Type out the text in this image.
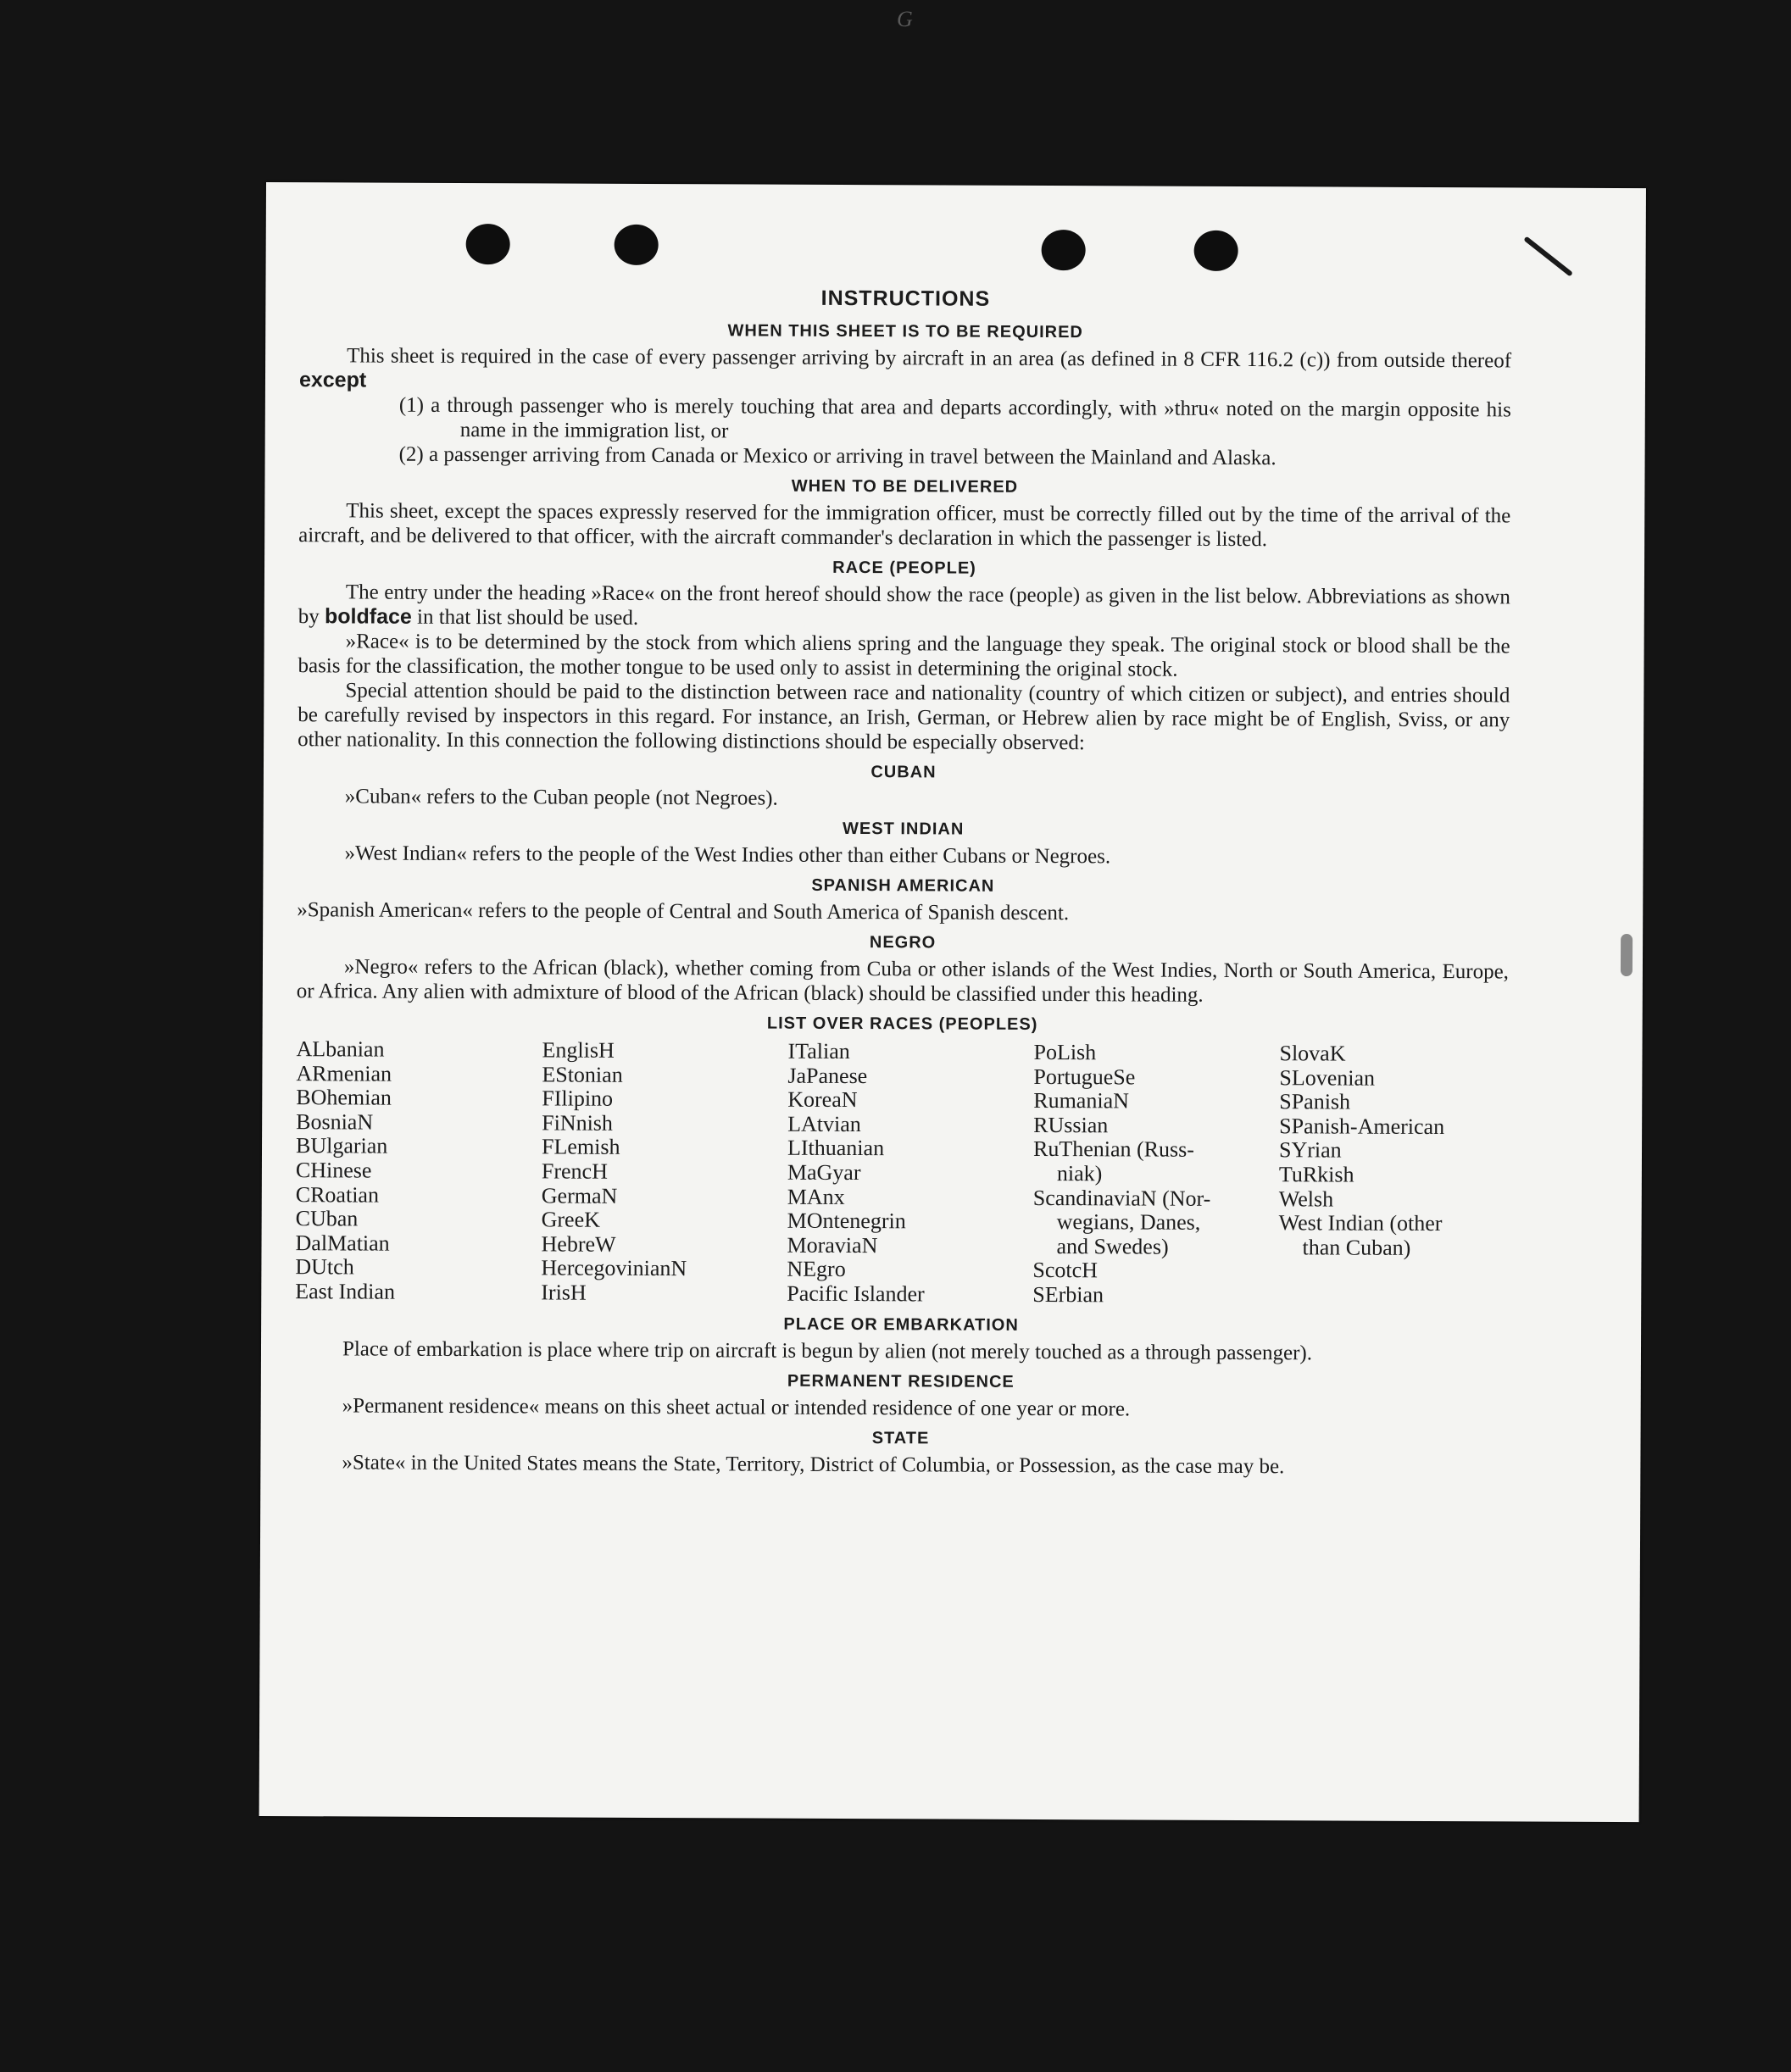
G
INSTRUCTIONS
WHEN THIS SHEET IS TO BE REQUIRED

This sheet is required in the case of every passenger arriving by aircraft in an area (as defined in 8 CFR 116.2 (c)) from outside thereof except

(1) a through passenger who is merely touching that area and departs accordingly, with »thru« noted on the margin opposite his name in the immigration list, or

(2) a passenger arriving from Canada or Mexico or arriving in travel between the Mainland and Alaska.

WHEN TO BE DELIVERED

This sheet, except the spaces expressly reserved for the immigration officer, must be correctly filled out by the time of the arrival of the aircraft, and be delivered to that officer, with the aircraft commander's declaration in which the passenger is listed.

RACE (PEOPLE)

The entry under the heading »Race« on the front hereof should show the race (people) as given in the list below. Abbreviations as shown by boldface in that list should be used.

»Race« is to be determined by the stock from which aliens spring and the language they speak. The original stock or blood shall be the basis for the classification, the mother tongue to be used only to assist in determining the original stock.

Special attention should be paid to the distinction between race and nationality (country of which citizen or subject), and entries should be carefully revised by inspectors in this regard. For instance, an Irish, German, or Hebrew alien by race might be of English, Sviss, or any other nationality. In this connection the following distinctions should be especially observed:

CUBAN

»Cuban« refers to the Cuban people (not Negroes).

WEST INDIAN

»West Indian« refers to the people of the West Indies other than either Cubans or Negroes.

SPANISH AMERICAN

»Spanish American« refers to the people of Central and South America of Spanish descent.

NEGRO

»Negro« refers to the African (black), whether coming from Cuba or other islands of the West Indies, North or South America, Europe, or Africa. Any alien with admixture of blood of the African (black) should be classified under this heading.

LIST OVER RACES (PEOPLES)
ALbanian
ARmenian
BOhemian
BosniaN
BUlgarian
CHinese
CRoatian
CUban
DalMatian
DUtch
East Indian
EnglisH
EStonian
FIlipino
FiNnish
FLemish
FrencH
GermaN
GreeK
HebreW
HercegovinianN
IrisH
ITalian
JaPanese
KoreaN
LAtvian
LIthuanian
MaGyar
MAnx
MOntenegrin
MoraviaN
NEgro
Pacific Islander
PoLish
PortugueSe
RumaniaN
RUssian
RuThenian (Russ-
niak)
ScandinaviaN (Nor-
wegians, Danes,
and Swedes)
ScotcH
SErbian
SlovaK
SLovenian
SPanish
SPanish-American
SYrian
TuRkish
Welsh
West Indian (other
than Cuban)
PLACE OR EMBARKATION

Place of embarkation is place where trip on aircraft is begun by alien (not merely touched as a through passenger).

PERMANENT RESIDENCE

»Permanent residence« means on this sheet actual or intended residence of one year or more.

STATE

»State« in the United States means the State, Territory, District of Columbia, or Possession, as the case may be.
